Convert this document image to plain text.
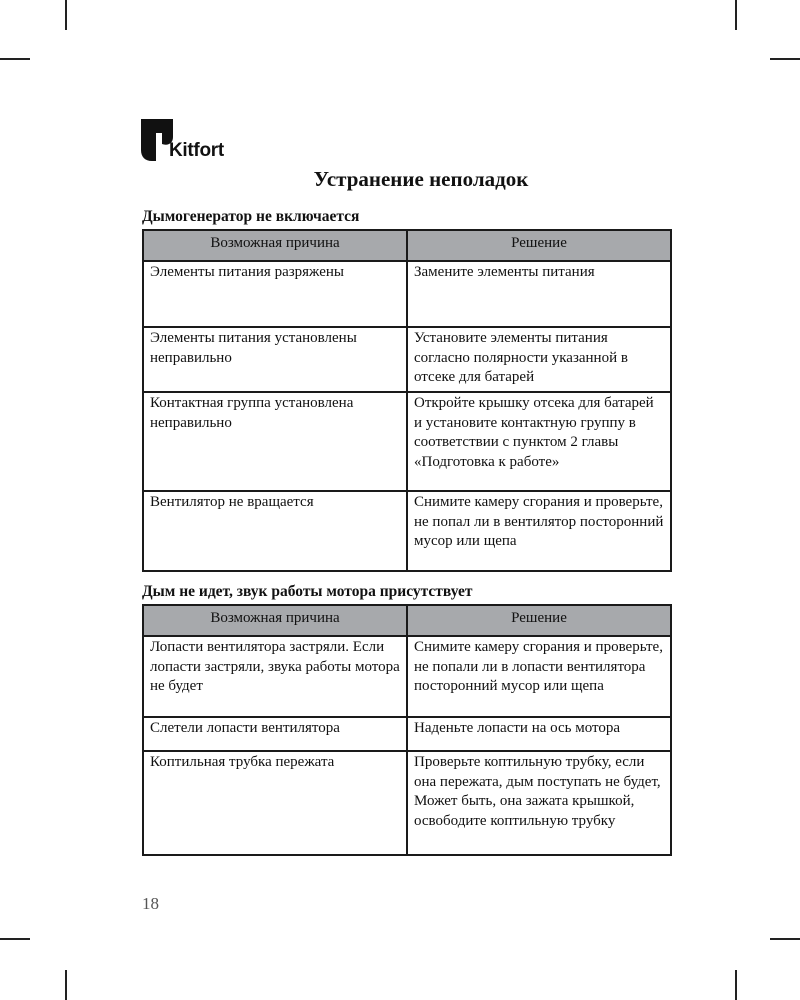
Kitfort
Устранение неполадок
Дымогенератор не включается
Возможная причина	Решение
Элементы питания разряжены	Замените элементы питания
Элементы питания установлены неправильно	Установите элементы питания согласно полярности указанной в отсеке для батарей
Контактная группа установлена неправильно	Откройте крышку отсека для батарей и установите контактную группу в соответствии с пунктом 2 главы «Подготовка к работе»
Вентилятор не вращается	Снимите камеру сгорания и проверьте, не попал ли в вентилятор посторонний мусор или щепа
Дым не идет, звук работы мотора присутствует
Возможная причина	Решение
Лопасти вентилятора застряли. Если лопасти застряли, звука работы мотора не будет	Снимите камеру сгорания и проверьте, не попали ли в лопасти вентилятора посторонний мусор или щепа
Слетели лопасти вентилятора	Наденьте лопасти на ось мотора
Коптильная трубка пережата	Проверьте коптильную трубку, если она пережата, дым поступать не будет, Может быть, она зажата крышкой, освободите коптильную трубку
18
